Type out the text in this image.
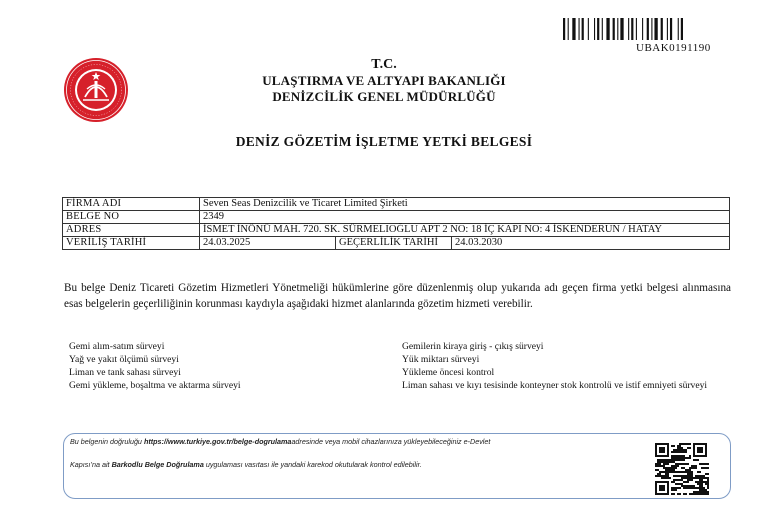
UBAK0191190
T.C.
ULAŞTIRMA VE ALTYAPI BAKANLIĞI
DENİZCİLİK GENEL MÜDÜRLÜĞÜ
DENİZ GÖZETİM İŞLETME YETKİ BELGESİ
FİRMA ADI	Seven Seas Denizcilik ve Ticaret Limited Şirketi		
BELGE NO	2349		
ADRES	İSMET İNÖNÜ MAH. 720. SK. SÜRMELIOĞLU APT 2 NO: 18 İÇ KAPI NO: 4 İSKENDERUN / HATAY		
VERİLİŞ TARİHİ	24.03.2025	GEÇERLİLİK TARİHİ	24.03.2030
Bu belge Deniz Ticareti Gözetim Hizmetleri Yönetmeliği hükümlerine göre düzenlenmiş olup yukarıda adı geçen firma yetki belgesi alınmasına esas belgelerin geçerliliğinin korunması kaydıyla aşağıdaki hizmet alanlarında gözetim hizmeti verebilir.
Gemi alım-satım sürveyi
Yağ ve yakıt ölçümü sürveyi
Liman ve tank sahası sürveyi
Gemi yükleme, boşaltma ve aktarma sürveyi
Gemilerin kiraya giriş - çıkış sürveyi
Yük miktarı sürveyi
Yükleme öncesi kontrol
Liman sahası ve kıyı tesisinde konteyner stok kontrolü ve istif emniyeti sürveyi
Bu belgenin doğruluğu https://www.turkiye.gov.tr/belge-dogrulamaadresinde veya mobil cihazlarınıza yükleyebileceğiniz e-Devlet
Kapısı’na ait Barkodlu Belge Doğrulama uygulaması vasıtası ile yandaki karekod okutularak kontrol edilebilir.
